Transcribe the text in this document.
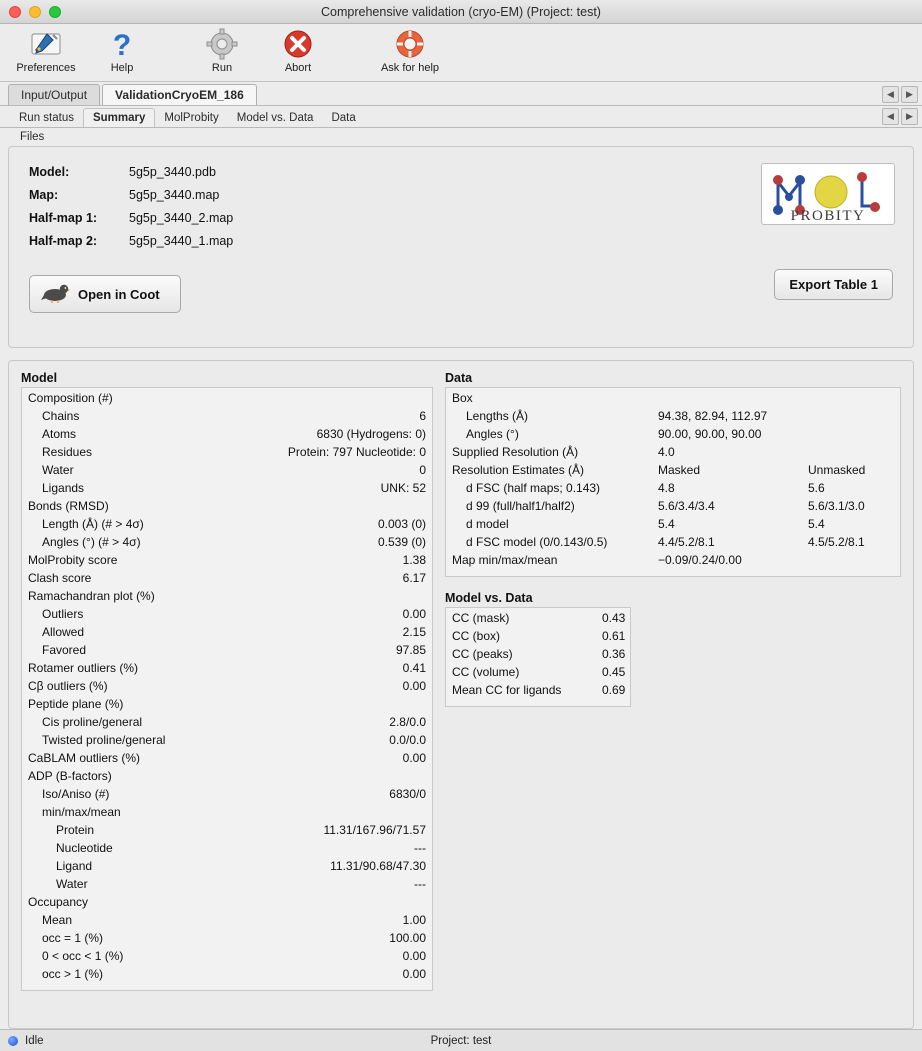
Comprehensive validation (cryo-EM) (Project: test)
Preferences
?
Help	Run	Abort	Ask for help
Input/Output	ValidationCryoEM_186	◀	▶
Run status	Summary	MolProbity	Model vs. Data	Data	◀	▶
Files
Model:	5g5p_3440.pdb
Map:	5g5p_3440.map
Half-map 1:	5g5p_3440_2.map
Half-map 2:	5g5p_3440_1.map
Open in Coot
Export Table 1
PROBITY
Model
Composition (#)
Chains	6
Atoms	6830 (Hydrogens: 0)
Residues	Protein: 797 Nucleotide: 0
Water	0
Ligands	UNK: 52
Bonds (RMSD)
Length (Å) (# > 4σ)	0.003 (0)
Angles (°) (# > 4σ)	0.539 (0)
MolProbity score	1.38
Clash score	6.17
Ramachandran plot (%)
Outliers	0.00
Allowed	2.15
Favored	97.85
Rotamer outliers (%)	0.41
Cβ outliers (%)	0.00
Peptide plane (%)
Cis proline/general	2.8/0.0
Twisted proline/general	0.0/0.0
CaBLAM outliers (%)	0.00
ADP (B-factors)
Iso/Aniso (#)	6830/0
min/max/mean
Protein	11.31/167.96/71.57
Nucleotide	---
Ligand	11.31/90.68/47.30
Water	---
Occupancy
Mean	1.00
occ = 1 (%)	100.00
0 < occ < 1 (%)	0.00
occ > 1 (%)	0.00
Data
Box
Lengths (Å)	94.38, 82.94, 112.97
Angles (°)	90.00, 90.00, 90.00
Supplied Resolution (Å)	4.0
Resolution Estimates (Å)	Masked	Unmasked
d FSC (half maps; 0.143)	4.8	5.6
d 99 (full/half1/half2)	5.6/3.4/3.4	5.6/3.1/3.0
d model	5.4	5.4
d FSC model (0/0.143/0.5)	4.4/5.2/8.1	4.5/5.2/8.1
Map min/max/mean	−0.09/0.24/0.00
Model vs. Data
CC (mask)	0.43
CC (box)	0.61
CC (peaks)	0.36
CC (volume)	0.45
Mean CC for ligands	0.69
Idle	Project: test
